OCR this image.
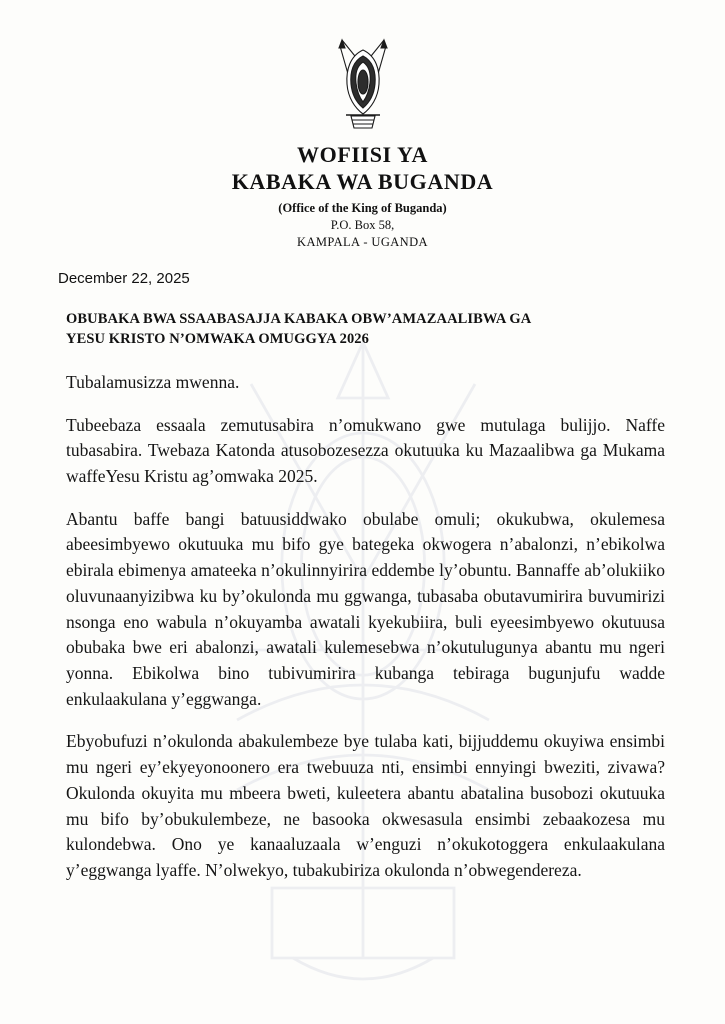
WOFIISI YA
KABAKA WA BUGANDA
(Office of the King of Buganda)
P.O. Box 58,
KAMPALA - UGANDA
December 22, 2025
OBUBAKA BWA SSAABASAJJA KABAKA OBW’AMAZAALIBWA GA
YESU KRISTO N’OMWAKA OMUGGYA 2026
Tubalamusizza mwenna.
Tubeebaza essaala zemutusabira n’omukwano gwe mutulaga bulijjo. Naffe tubasabira. Twebaza Katonda atusobozesezza okutuuka ku Mazaalibwa ga Mukama waffeYesu Kristu ag’omwaka 2025.
Abantu baffe bangi batuusiddwako obulabe omuli; okukubwa, okulemesa abeesimbyewo okutuuka mu bifo gye bategeka okwogera n’abalonzi, n’ebikolwa ebirala ebimenya amateeka n’okulinnyirira eddembe ly’obuntu. Bannaffe ab’olukiiko oluvunaanyizibwa ku by’okulonda mu ggwanga, tubasaba obutavumirira buvumirizi nsonga eno wabula n’okuyamba awatali kyekubiira, buli eyeesimbyewo okutuusa obubaka bwe eri abalonzi, awatali kulemesebwa n’okutulugunya abantu mu ngeri yonna. Ebikolwa bino tubivumirira kubanga tebiraga bugunjufu wadde enkulaakulana y’eggwanga.
Ebyobufuzi n’okulonda abakulembeze bye tulaba kati, bijjuddemu okuyiwa ensimbi mu ngeri ey’ekyeyonoonero era twebuuza nti, ensimbi ennyingi bweziti, zivawa? Okulonda okuyita mu mbeera bweti, kuleetera abantu abatalina busobozi okutuuka mu bifo by’obukulembeze, ne basooka okwesasula ensimbi zebaakozesa mu kulondebwa. Ono ye kanaaluzaala w’enguzi n’okukotoggera enkulaakulana y’eggwanga lyaffe. N’olwekyo, tubakubiriza okulonda n’obwegendereza.
